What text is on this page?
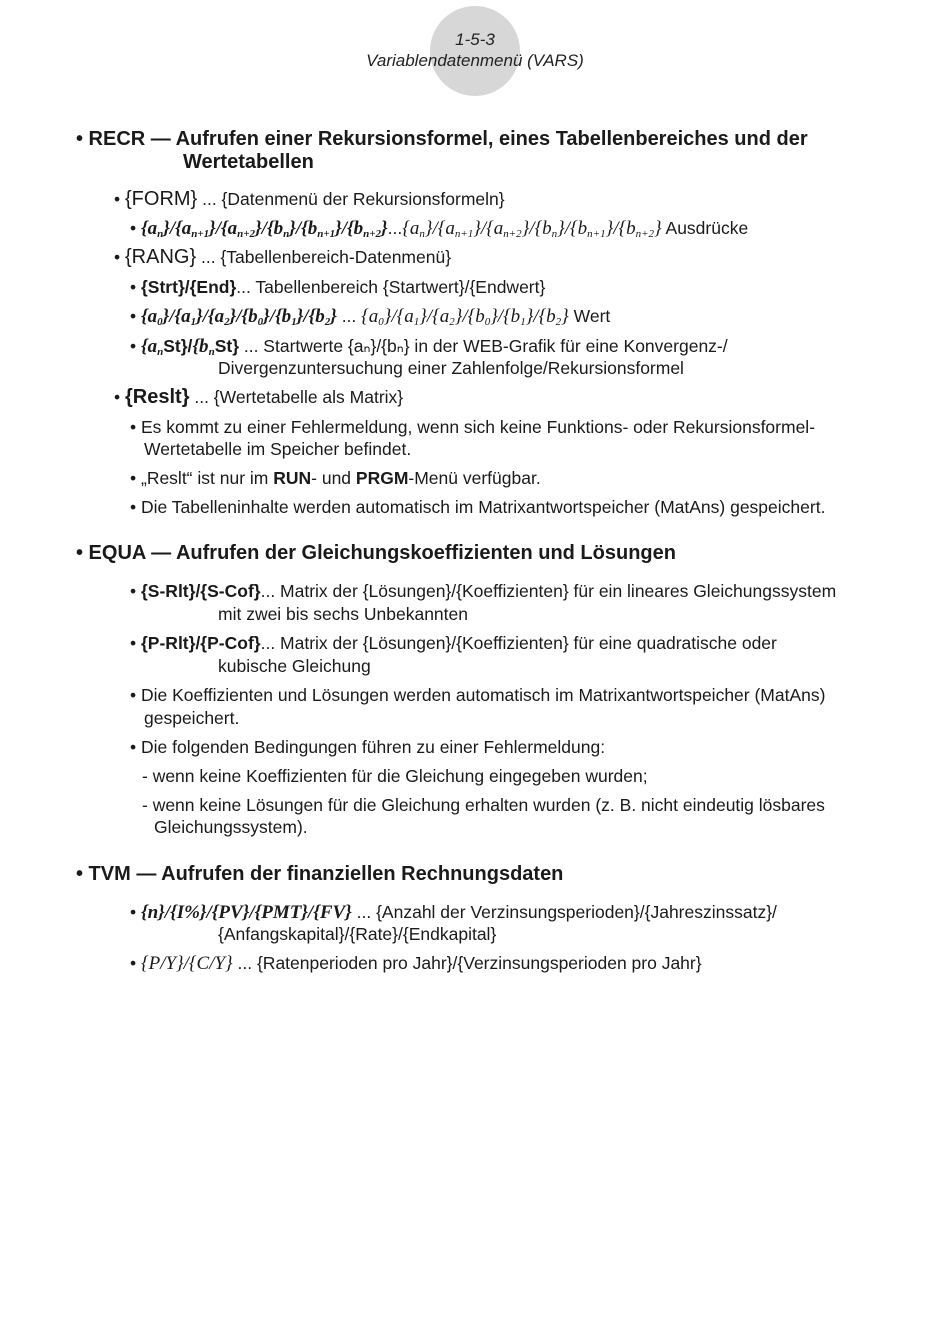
1-5-3
Variablendatenmenü (VARS)
• RECR — Aufrufen einer Rekursionsformel, eines Tabellenbereiches und der
Wertetabellen
• {FORM} ... {Datenmenü der Rekursionsformeln}
• $\{a_n\}/\{a_{n+1}\}/\{a_{n+2}\}/\{b_n\}/\{b_{n+1}\}/\{b_{n+2}\}...\{a_n\}/\{a_{n+1}\}/\{a_{n+2}\}/\{b_n\}/\{b_{n+1}\}/\{b_{n+2}\}$ Ausdrücke
• {RANG} ... {Tabellenbereich-Datenmenü}
• {Strt}/{End}... Tabellenbereich {Startwert}/{Endwert}
• $\{a_0\}/\{a_1\}/\{a_2\}/\{b_0\}/\{b_1\}/\{b_2\}$ ... $\{a_0\}/\{a_1\}/\{a_2\}/\{b_0\}/\{b_1\}/\{b_2\}$ Wert
• $\{a_nSt\}/\{b_nSt\}$ ... Startwerte {aₙ}/{bₙ} in der WEB-Grafik für eine Konvergenz-/
Divergenzuntersuchung einer Zahlenfolge/Rekursionsformel
• {Reslt} ... {Wertetabelle als Matrix}
• Es kommt zu einer Fehlermeldung, wenn sich keine Funktions- oder Rekursionsformel-
Wertetabelle im Speicher befindet.
• „Reslt“ ist nur im RUN- und PRGM-Menü verfügbar.
• Die Tabelleninhalte werden automatisch im Matrixantwortspeicher (MatAns) gespeichert.
• EQUA — Aufrufen der Gleichungskoeffizienten und Lösungen
• {S-Rlt}/{S-Cof}... Matrix der {Lösungen}/{Koeffizienten} für ein lineares Gleichungssystem
mit zwei bis sechs Unbekannten
• {P-Rlt}/{P-Cof}... Matrix der {Lösungen}/{Koeffizienten} für eine quadratische oder
kubische Gleichung
• Die Koeffizienten und Lösungen werden automatisch im Matrixantwortspeicher (MatAns)
gespeichert.
• Die folgenden Bedingungen führen zu einer Fehlermeldung:
- wenn keine Koeffizienten für die Gleichung eingegeben wurden;
- wenn keine Lösungen für die Gleichung erhalten wurden (z. B. nicht eindeutig lösbares
Gleichungssystem).
• TVM — Aufrufen der finanziellen Rechnungsdaten
• {n}/{I%}/{PV}/{PMT}/{FV} ... {Anzahl der Verzinsungsperioden}/{Jahreszinssatz}/
{Anfangskapital}/{Rate}/{Endkapital}
• {P/Y}/{C/Y} ... {Ratenperioden pro Jahr}/{Verzinsungsperioden pro Jahr}
